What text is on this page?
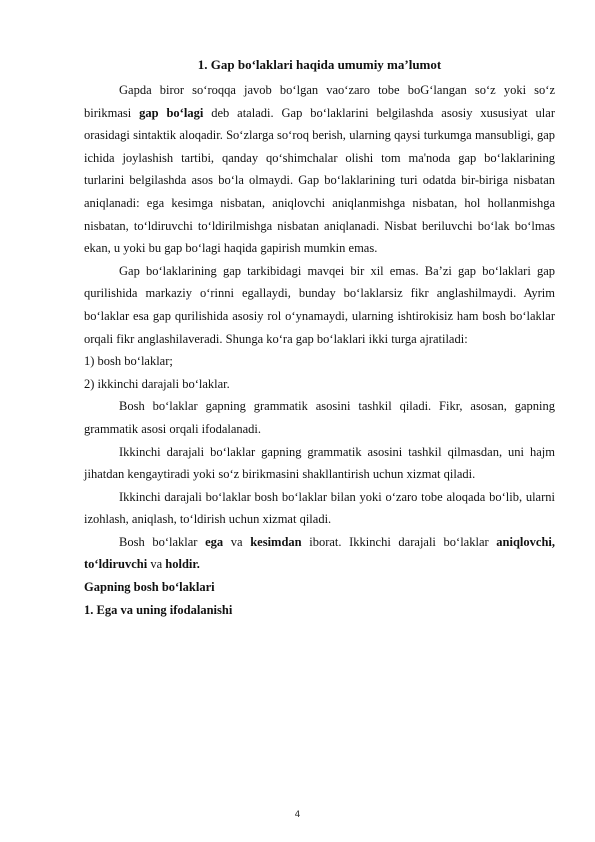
1. Gap bo‘laklari haqida umumiy ma’lumot

Gapda biror so‘roqqa javob bo‘lgan vao‘zaro tobe boG‘langan so‘z yoki so‘z birikmasi gap bo‘lagi deb ataladi. Gap bo‘laklarini belgilashda asosiy xususiyat ular orasidagi sintaktik aloqadir. So‘zlarga so‘roq berish, ularning qaysi turkumga mansubligi, gap ichida joylashish tartibi, qanday qo‘shimchalar olishi tom ma'noda gap bo‘laklarining turlarini belgilashda asos bo‘la olmaydi. Gap bo‘laklarining turi odatda bir-biriga nisbatan aniqlanadi: ega kesimga nisbatan, aniqlovchi aniqlanmishga nisbatan, hol hollanmishga nisbatan, to‘ldiruvchi to‘ldirilmishga nisbatan aniqlanadi. Nisbat beriluvchi bo‘lak bo‘lmas ekan, u yoki bu gap bo‘lagi haqida gapirish mumkin emas.

Gap bo‘laklarining gap tarkibidagi mavqei bir xil emas. Ba’zi gap bo‘laklari gap qurilishida markaziy o‘rinni egallaydi, bunday bo‘laklarsiz fikr anglashilmaydi. Ayrim bo‘laklar esa gap qurilishida asosiy rol o‘ynamaydi, ularning ishtirokisiz ham bosh bo‘laklar orqali fikr anglashilaveradi. Shunga ko‘ra gap bo‘laklari ikki turga ajratiladi:

1) bosh bo‘laklar;

2) ikkinchi darajali bo‘laklar.

Bosh bo‘laklar gapning grammatik asosini tashkil qiladi. Fikr, asosan, gapning grammatik asosi orqali ifodalanadi.

Ikkinchi darajali bo‘laklar gapning grammatik asosini tashkil qilmasdan, uni hajm jihatdan kengaytiradi yoki so‘z birikmasini shakllantirish uchun xizmat qiladi.

Ikkinchi darajali bo‘laklar bosh bo‘laklar bilan yoki o‘zaro tobe aloqada bo‘lib, ularni izohlash, aniqlash, to‘ldirish uchun xizmat qiladi.

Bosh bo‘laklar ega va kesimdan iborat. Ikkinchi darajali bo‘laklar aniqlovchi, to‘ldiruvchi va holdir.

Gapning bosh bo‘laklari

1. Ega va uning ifodalanishi

4
